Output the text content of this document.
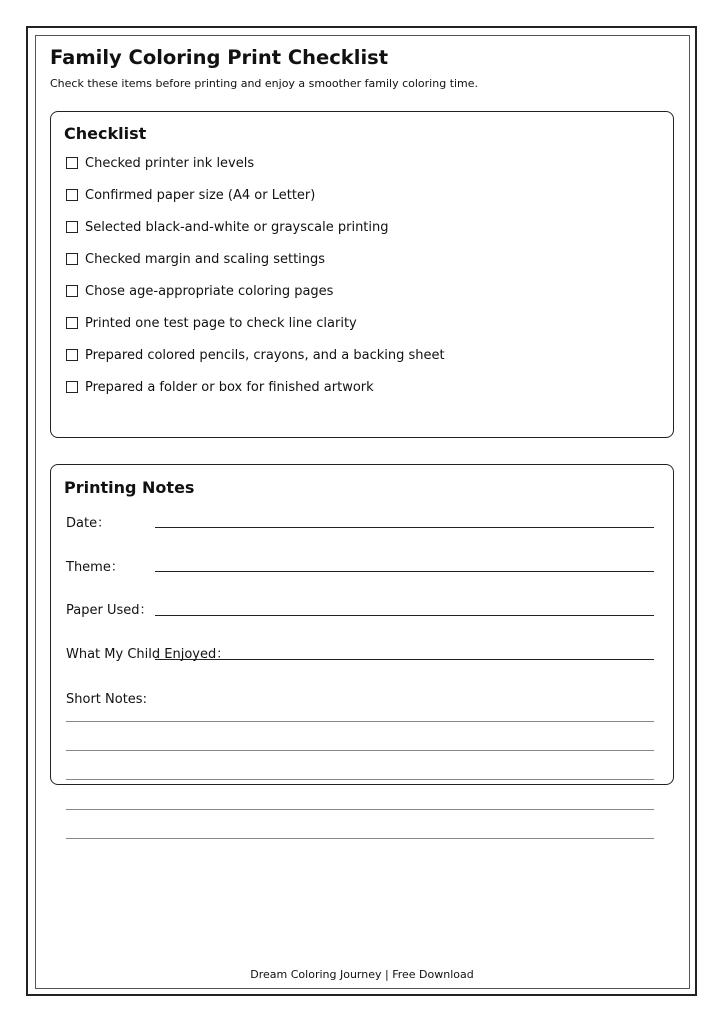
Family Coloring Print Checklist
Check these items before printing and enjoy a smoother family coloring time.
Checklist
Checked printer ink levels
Confirmed paper size (A4 or Letter)
Selected black-and-white or grayscale printing
Checked margin and scaling settings
Chose age-appropriate coloring pages
Printed one test page to check line clarity
Prepared colored pencils, crayons, and a backing sheet
Prepared a folder or box for finished artwork
Printing Notes
Date：
Theme：
Paper Used：
What My Child Enjoyed：
Short Notes:
Dream Coloring Journey | Free Download
